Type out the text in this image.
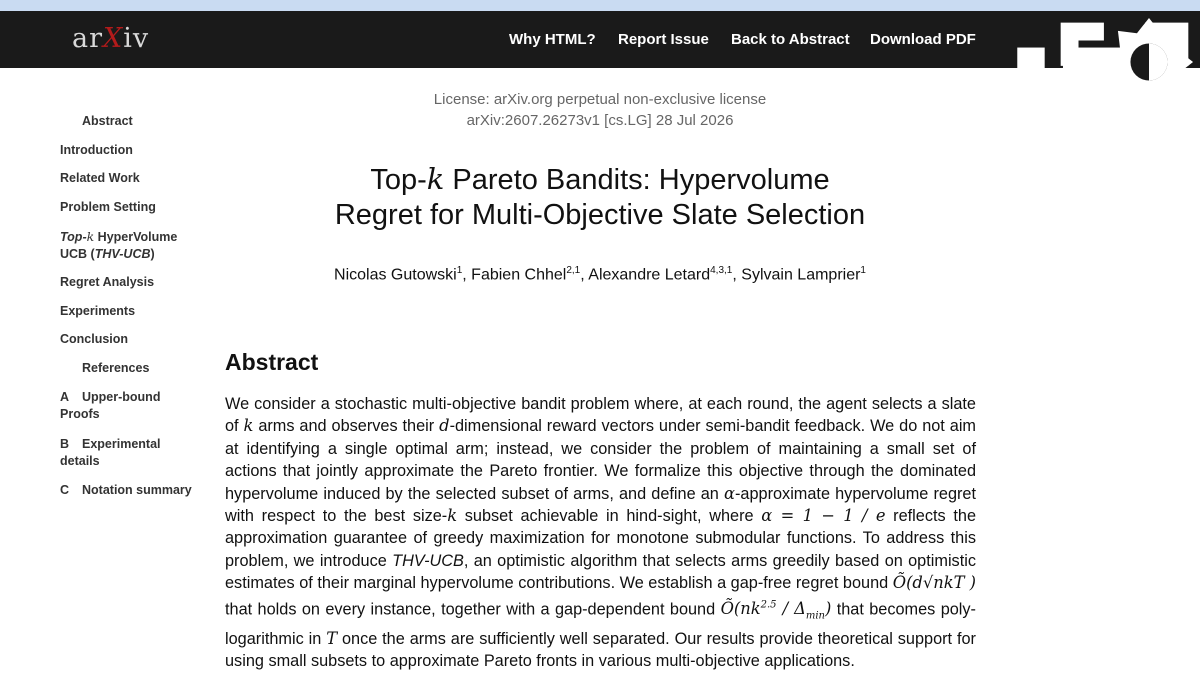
arXiv	Why HTML? Report Issue Back to Abstract Download PDF
Abstract
Introduction
Related Work
Problem Setting
Top-k HyperVolume
UCB (THV-UCB)
Regret Analysis
Experiments
Conclusion
References
A Upper-bound
Proofs
B Experimental
details
C Notation summary
License: arXiv.org perpetual non-exclusive license
arXiv:2607.26273v1 [cs.LG] 28 Jul 2026
Top-k Pareto Bandits: Hypervolume
Regret for Multi-Objective Slate Selection
Nicolas Gutowski$^1$, Fabien Chhel$^{2,1}$, Alexandre Letard$^{4,3,1}$, Sylvain Lamprier$^1$
Abstract
We consider a stochastic multi-objective bandit problem where, at each round, the agent selects a slate of k arms and observes their d-dimensional reward vectors under semi-bandit feedback. We do not aim at identifying a single optimal arm; instead, we consider the problem of maintaining a small set of actions that jointly approximate the Pareto frontier. We formalize this objective through the dominated hypervolume induced by the selected subset of arms, and define an α-approximate hypervolume regret with respect to the best size-k subset achievable in hind-sight, where α = 1 − 1 / e reflects the approximation guarantee of greedy maximization for monotone submodular functions. To address this problem, we introduce THV-UCB, an optimistic algorithm that selects arms greedily based on optimistic estimates of their marginal hypervolume contributions. We establish a gap-free regret bound Õ(d√nkT ) that holds on every instance, together with a gap-dependent bound $Õ(nk^{2.5} / \Delta_{min})$ that becomes poly-logarithmic in T once the arms are sufficiently well separated. Our results provide theoretical support for using small subsets to approximate Pareto fronts in various multi-objective applications.
